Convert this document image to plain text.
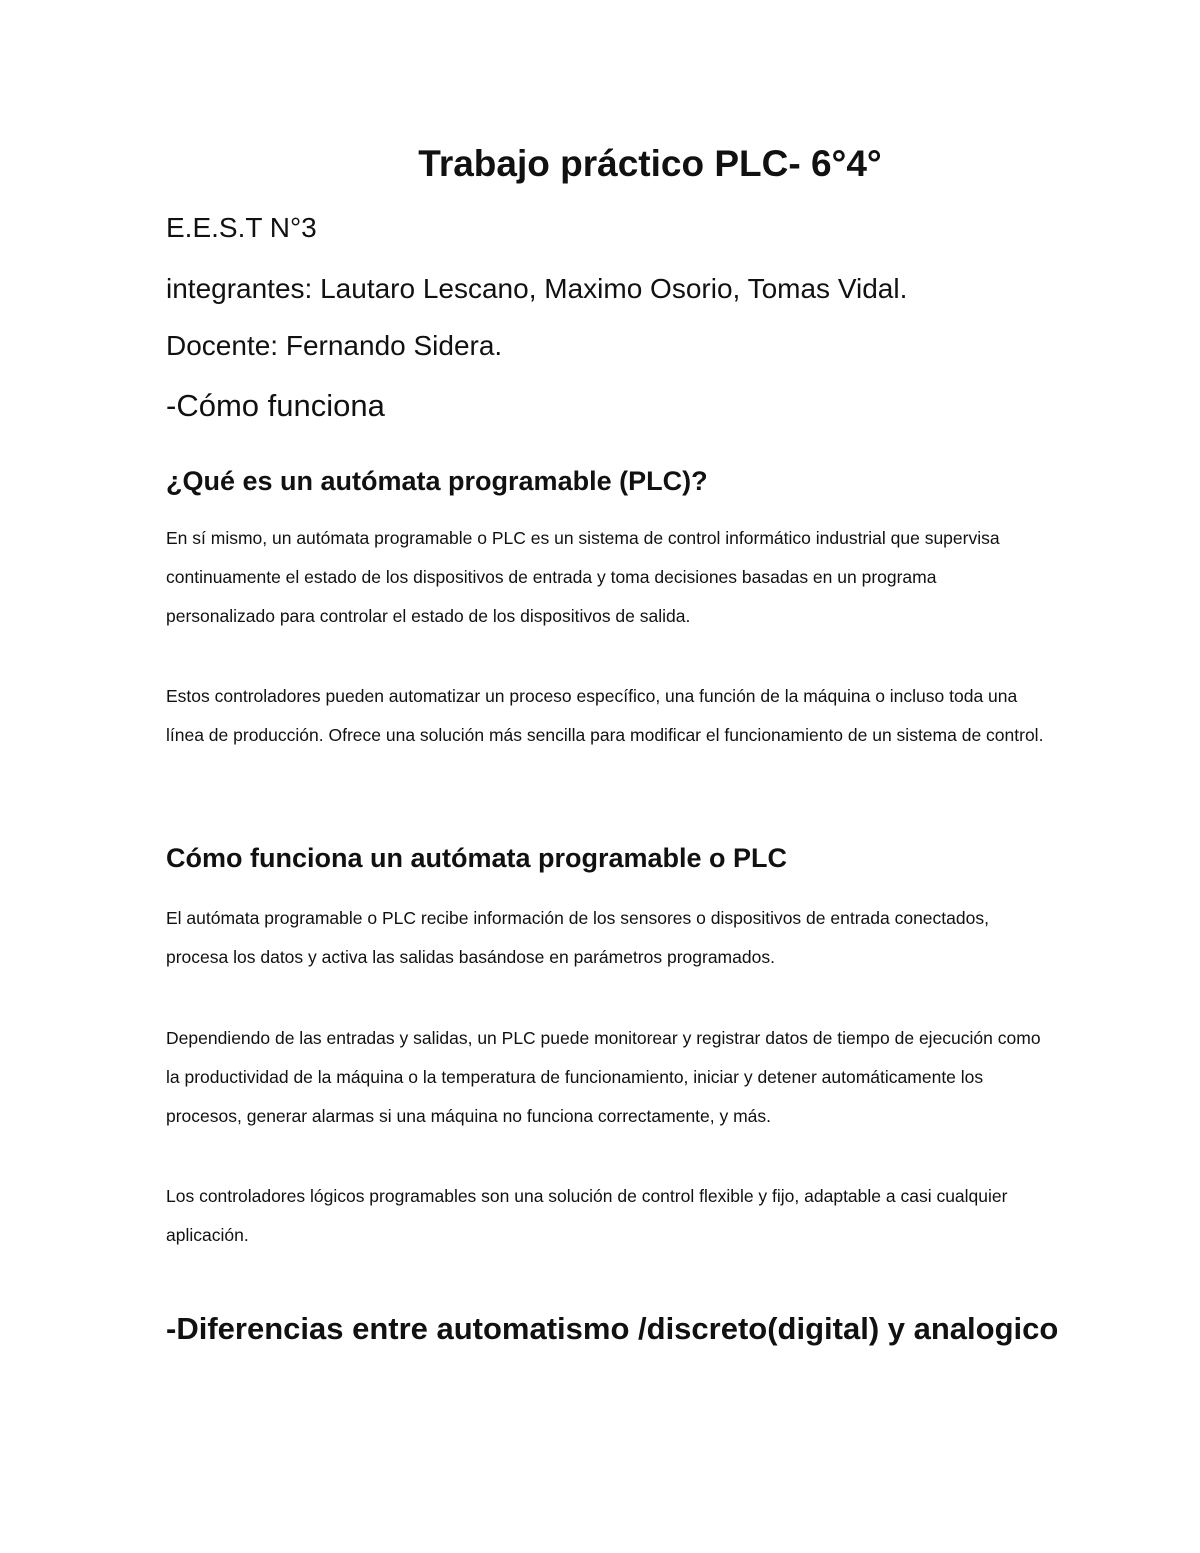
Trabajo práctico PLC- 6°4°
E.E.S.T N°3
integrantes: Lautaro Lescano, Maximo Osorio, Tomas Vidal.
Docente: Fernando Sidera.
-Cómo funciona
¿Qué es un autómata programable (PLC)?

En sí mismo, un autómata programable o PLC es un sistema de control informático industrial que supervisa continuamente el estado de los dispositivos de entrada y toma decisiones basadas en un programa personalizado para controlar el estado de los dispositivos de salida.

Estos controladores pueden automatizar un proceso específico, una función de la máquina o incluso toda una línea de producción. Ofrece una solución más sencilla para modificar el funcionamiento de un sistema de control.

Cómo funciona un autómata programable o PLC

El autómata programable o PLC recibe información de los sensores o dispositivos de entrada conectados, procesa los datos y activa las salidas basándose en parámetros programados.

Dependiendo de las entradas y salidas, un PLC puede monitorear y registrar datos de tiempo de ejecución como la productividad de la máquina o la temperatura de funcionamiento, iniciar y detener automáticamente los procesos, generar alarmas si una máquina no funciona correctamente, y más.

Los controladores lógicos programables son una solución de control flexible y fijo, adaptable a casi cualquier aplicación.

-Diferencias entre automatismo /discreto(digital) y analogico
